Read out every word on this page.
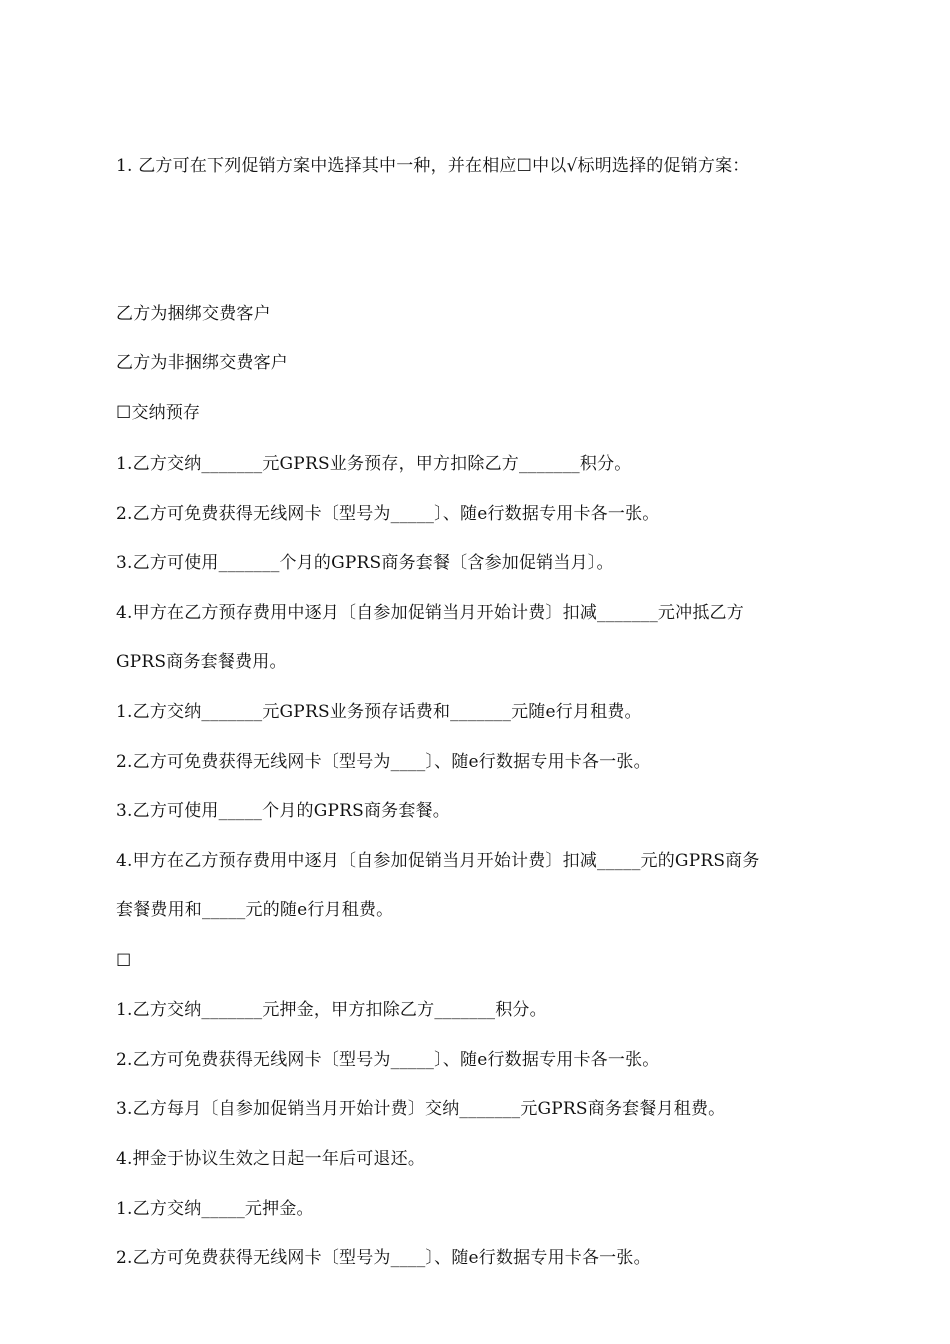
1. 乙方可在下列促销方案中选择其中一种，并在相应☐中以√标明选择的促销方案：
乙方为捆绑交费客户
乙方为非捆绑交费客户
☐交纳预存
1.乙方交纳_______元GPRS业务预存，甲方扣除乙方_______积分。
2.乙方可免费获得无线网卡〔型号为_____〕、随e行数据专用卡各一张。
3.乙方可使用_______个月的GPRS商务套餐〔含参加促销当月〕。
4.甲方在乙方预存费用中逐月〔自参加促销当月开始计费〕扣减_______元冲抵乙方
GPRS商务套餐费用。
1.乙方交纳_______元GPRS业务预存话费和_______元随e行月租费。
2.乙方可免费获得无线网卡〔型号为____〕、随e行数据专用卡各一张。
3.乙方可使用_____个月的GPRS商务套餐。
4.甲方在乙方预存费用中逐月〔自参加促销当月开始计费〕扣减_____元的GPRS商务
套餐费用和_____元的随e行月租费。
☐
1.乙方交纳_______元押金，甲方扣除乙方_______积分。
2.乙方可免费获得无线网卡〔型号为_____〕、随e行数据专用卡各一张。
3.乙方每月〔自参加促销当月开始计费〕交纳_______元GPRS商务套餐月租费。
4.押金于协议生效之日起一年后可退还。
1.乙方交纳_____元押金。
2.乙方可免费获得无线网卡〔型号为____〕、随e行数据专用卡各一张。
